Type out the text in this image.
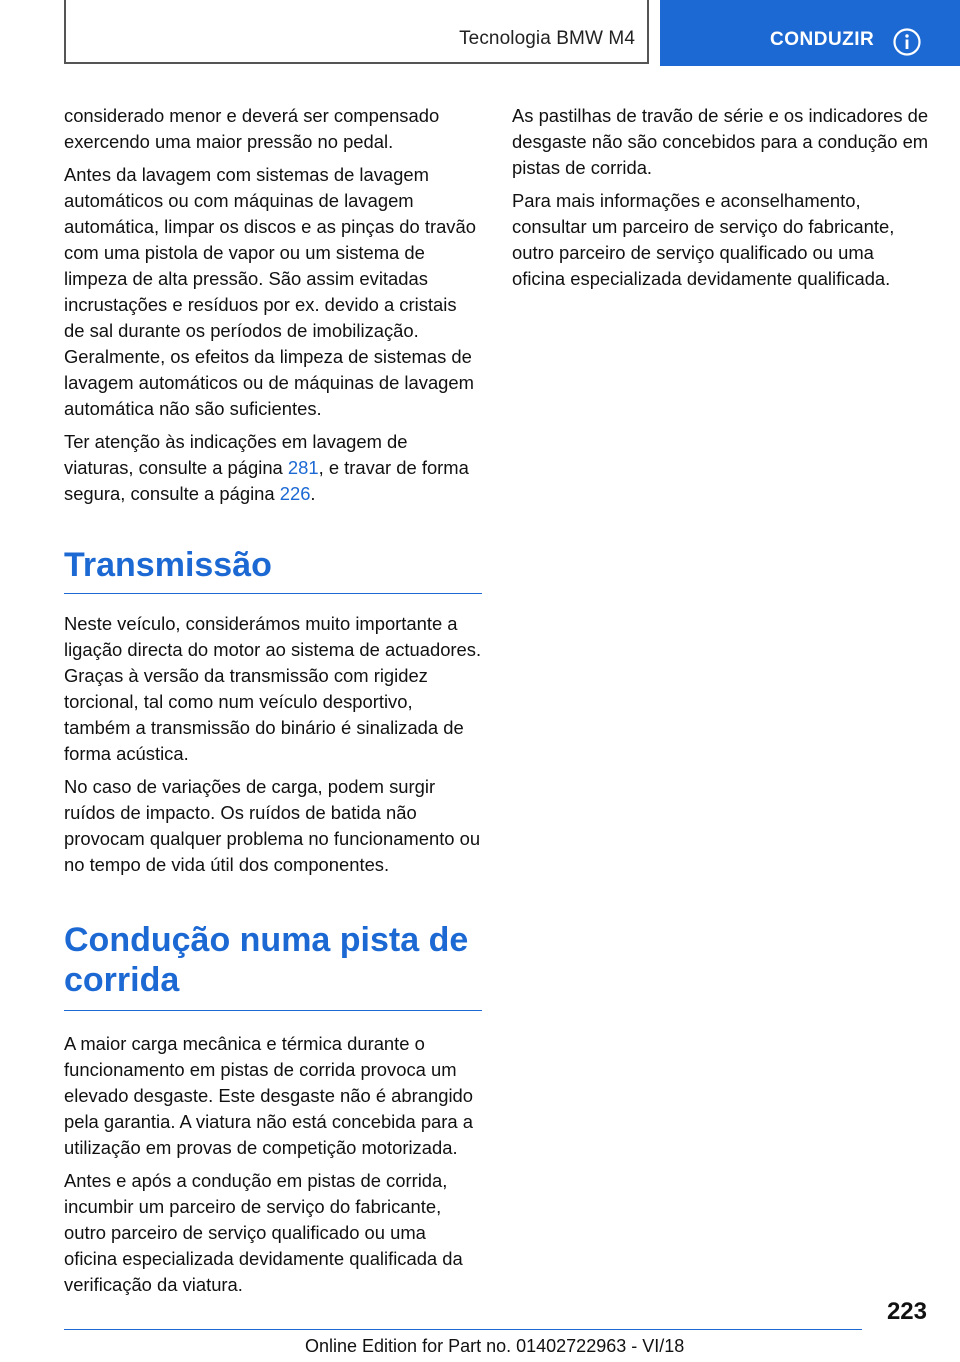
Tecnologia BMW M4	CONDUZIR

considerado menor e deverá ser compensado exercendo uma maior pressão no pedal.

Antes da lavagem com sistemas de lavagem automáticos ou com máquinas de lavagem automática, limpar os discos e as pinças do travão com uma pistola de vapor ou um sistema de limpeza de alta pressão. São assim evitadas incrustações e resíduos por ex. devido a cristais de sal durante os períodos de imobilização. Geralmente, os efeitos da limpeza de sistemas de lavagem automáticos ou de máquinas de lavagem automática não são suficientes.

Ter atenção às indicações em lavagem de viaturas, consulte a página 281, e travar de forma segura, consulte a página 226.

Transmissão

Neste veículo, considerámos muito importante a ligação directa do motor ao sistema de actuadores. Graças à versão da transmissão com rigidez torcional, tal como num veículo desportivo, também a transmissão do binário é sinalizada de forma acústica.

No caso de variações de carga, podem surgir ruídos de impacto. Os ruídos de batida não provocam qualquer problema no funcionamento ou no tempo de vida útil dos componentes.

Condução numa pista de corrida

A maior carga mecânica e térmica durante o funcionamento em pistas de corrida provoca um elevado desgaste. Este desgaste não é abrangido pela garantia. A viatura não está concebida para a utilização em provas de competição motorizada.

Antes e após a condução em pistas de corrida, incumbir um parceiro de serviço do fabricante, outro parceiro de serviço qualificado ou uma oficina especializada devidamente qualificada da verificação da viatura.

As pastilhas de travão de série e os indicadores de desgaste não são concebidos para a condução em pistas de corrida.

Para mais informações e aconselhamento, consultar um parceiro de serviço do fabricante, outro parceiro de serviço qualificado ou uma oficina especializada devidamente qualificada.

223
Online Edition for Part no. 01402722963 - VI/18
